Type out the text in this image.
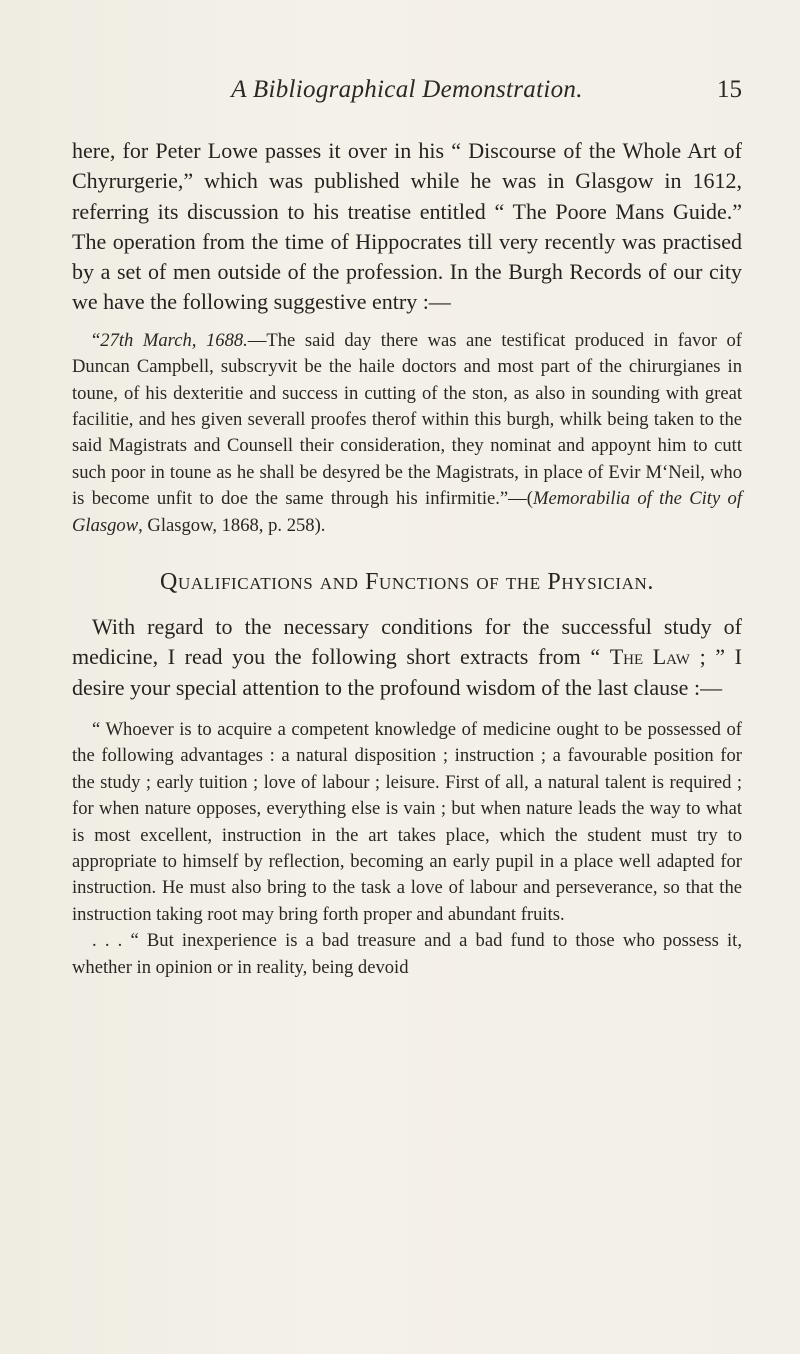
A Bibliographical Demonstration.	15

here, for Peter Lowe passes it over in his “ Discourse of the Whole Art of Chyrurgerie,” which was published while he was in Glasgow in 1612, referring its discussion to his treatise entitled “ The Poore Mans Guide.” The operation from the time of Hippocrates till very recently was practised by a set of men outside of the profession. In the Burgh Records of our city we have the following suggestive entry :—

“27th March, 1688.—The said day there was ane testificat produced in favor of Duncan Campbell, subscryvit be the haile doctors and most part of the chirurgianes in toune, of his dexteritie and success in cutting of the ston, as also in sounding with great facilitie, and hes given severall proofes therof within this burgh, whilk being taken to the said Magistrats and Counsell their consideration, they nominat and appoynt him to cutt such poor in toune as he shall be desyred be the Magistrats, in place of Evir M‘Neil, who is become unfit to doe the same through his infirmitie.”—(Memorabilia of the City of Glasgow, Glasgow, 1868, p. 258).

Qualifications and Functions of the Physician.

With regard to the necessary conditions for the successful study of medicine, I read you the following short extracts from “ The Law ; ” I desire your special attention to the profound wisdom of the last clause :—

“ Whoever is to acquire a competent knowledge of medicine ought to be possessed of the following advantages : a natural disposition ; instruction ; a favourable position for the study ; early tuition ; love of labour ; leisure. First of all, a natural talent is required ; for when nature opposes, everything else is vain ; but when nature leads the way to what is most excellent, instruction in the art takes place, which the student must try to appropriate to himself by reflection, becoming an early pupil in a place well adapted for instruction. He must also bring to the task a love of labour and perseverance, so that the instruction taking root may bring forth proper and abundant fruits.

. . . “ But inexperience is a bad treasure and a bad fund to those who possess it, whether in opinion or in reality, being devoid
